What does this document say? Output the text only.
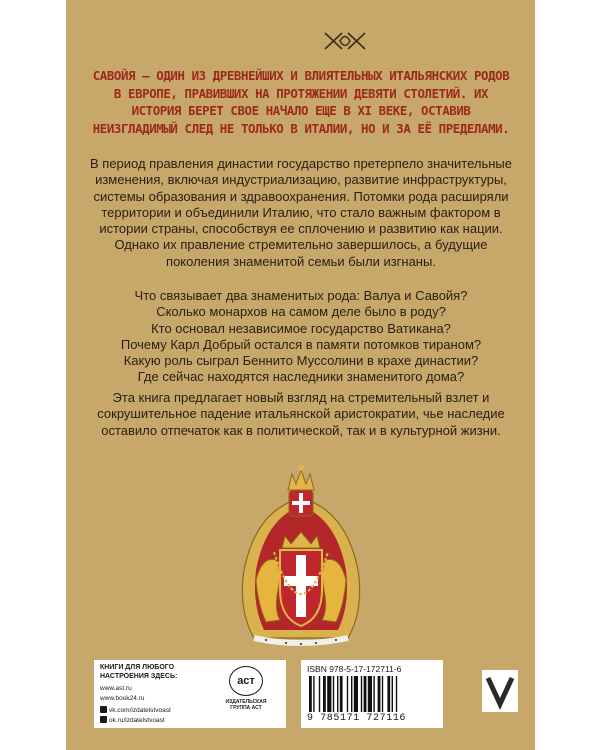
САВОЙЯ – ОДИН ИЗ ДРЕВНЕЙШИХ И ВЛИЯТЕЛЬНЫХ ИТАЛЬЯНСКИХ РОДОВ В ЕВРОПЕ, ПРАВИВШИХ НА ПРОТЯЖЕНИИ ДЕВЯТИ СТОЛЕТИЙ. ИХ ИСТОРИЯ БЕРЕТ СВОЕ НАЧАЛО ЕЩЕ В XI ВЕКЕ, ОСТАВИВ НЕИЗГЛАДИМЫЙ СЛЕД НЕ ТОЛЬКО В ИТАЛИИ, НО И ЗА ЕЁ ПРЕДЕЛАМИ.
В период правления династии государство претерпело значительные изменения, включая индустриализацию, развитие инфраструктуры, системы образования и здравоохранения. Потомки рода расширяли территории и объединили Италию, что стало важным фактором в истории страны, способствуя ее сплочению и развитию как нации. Однако их правление стремительно завершилось, а будущие поколения знаменитой семьи были изгнаны.
Что связывает два знаменитых рода: Валуа и Савойя?
Сколько монархов на самом деле было в роду?
Кто основал независимое государство Ватикана?
Почему Карл Добрый остался в памяти потомков тираном?
Какую роль сыграл Беннито Муссолини в крахе династии?
Где сейчас находятся наследники знаменитого дома?
Эта книга предлагает новый взгляд на стремительный взлет и сокрушительное падение итальянской аристократии, чье наследие оставило отпечаток как в политической, так и в культурной жизни.
КНИГИ ДЛЯ ЛЮБОГО НАСТРОЕНИЯ ЗДЕСЬ:
www.ast.ru
www.book24.ru
vk.com/izdatelstvoast
ok.ru/izdatelstvoast
аст
ИЗДАТЕЛЬСКАЯ ГРУППА АСТ
ISBN 978-5-17-172711-6
9 785171 727116
